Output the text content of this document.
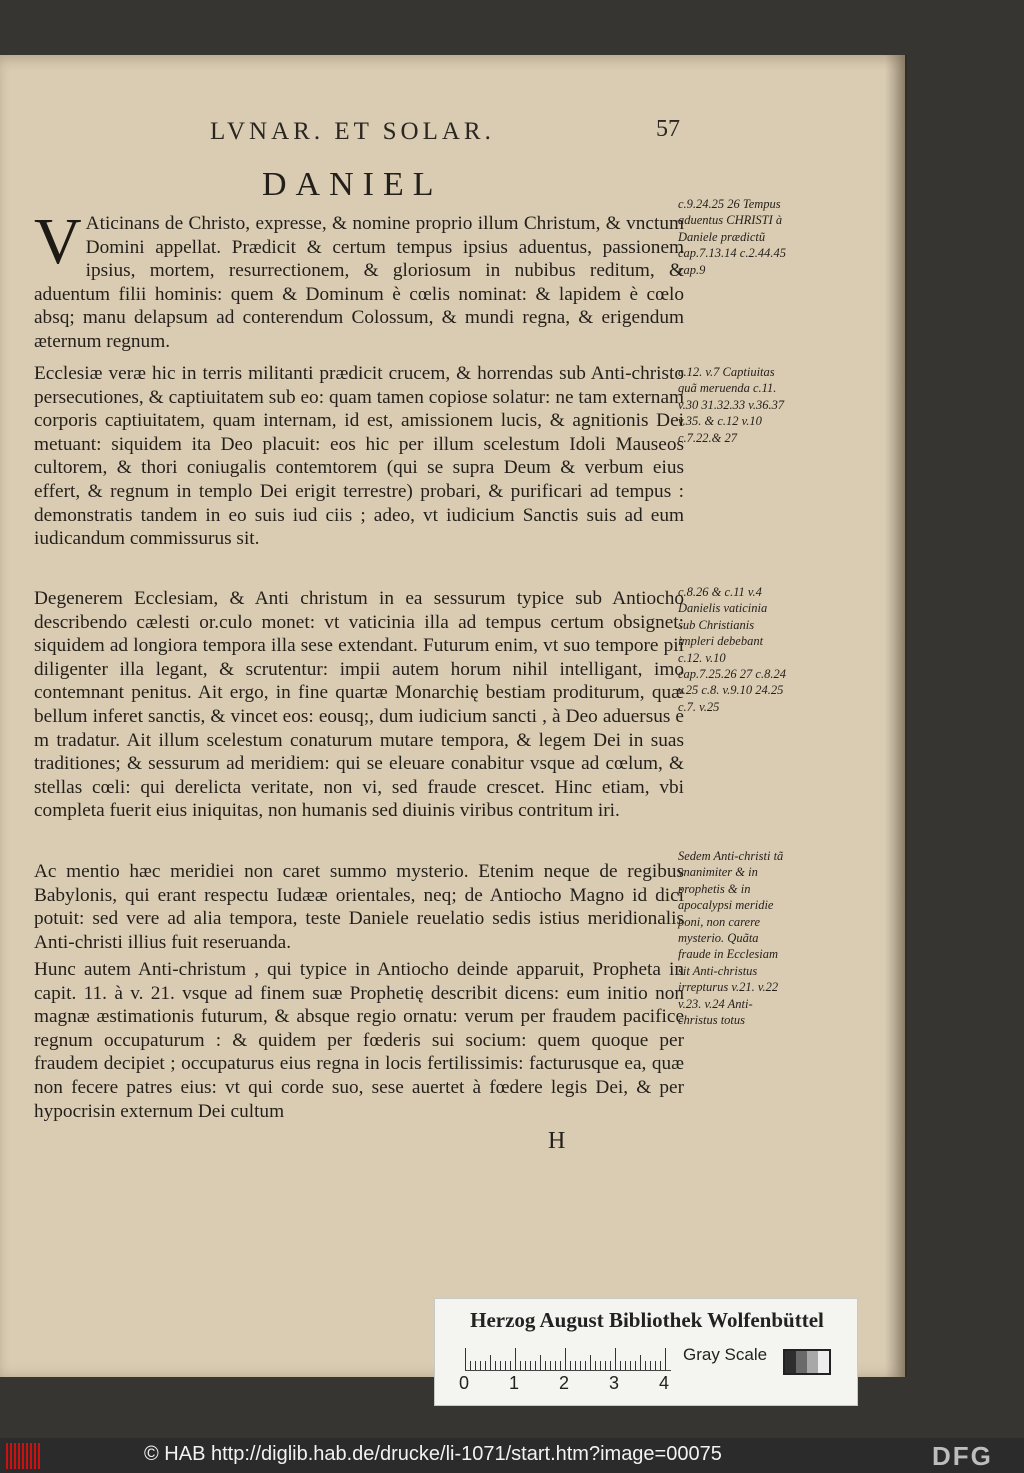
LVNAR. ET SOLAR.	57
DANIEL
V Aticinans de Christo, expresse, & nomine proprio illum Christum, & vnctum Domini appellat. Prædicit & certum tempus ipsius aduentus, passionem ipsius, mortem, resurrectionem, & gloriosum in nubibus reditum, & aduentum filii hominis: quem & Dominum è cœlis nominat: & lapidem è cœlo absq; manu delapsum ad conterendum Colossum, & mundi regna, & erigendum æternum regnum.

Ecclesiæ veræ hic in terris militanti prædicit crucem, & horrendas sub Anti-christo persecutiones, & captiuitatem sub eo: quam tamen copiose solatur: ne tam externam corporis captiuitatem, quam internam, id est, amissionem lucis, & agnitionis Dei metuant: siquidem ita Deo placuit: eos hic per illum scelestum Idoli Mauseos cultorem, & thori coniugalis contemtorem (qui se supra Deum & verbum eius effert, & regnum in templo Dei erigit terrestre) probari, & purificari ad tempus : demonstratis tandem in eo suis iud ciis ; adeo, vt iudicium Sanctis suis ad eum iudicandum commissurus sit.

Degenerem Ecclesiam, & Anti christum in ea sessurum typice sub Antiocho describendo cælesti or.culo monet: vt vaticinia illa ad tempus certum obsignet: siquidem ad longiora tempora illa sese extendant. Futurum enim, vt suo tempore pii diligenter illa legant, & scrutentur: impii autem horum nihil intelligant, imo contemnant penitus. Ait ergo, in fine quartæ Monarchię bestiam proditurum, quæ bellum inferet sanctis, & vincet eos: eousq;, dum iudicium sancti , à Deo aduersus e m tradatur. Ait illum scelestum conaturum mutare tempora, & legem Dei in suas traditiones; & sessurum ad meridiem: qui se eleuare conabitur vsque ad cœlum, & stellas cœli: qui derelicta veritate, non vi, sed fraude crescet. Hinc etiam, vbi completa fuerit eius iniquitas, non humanis sed diuinis viribus contritum iri.

Ac mentio hæc meridiei non caret summo mysterio. Etenim neque de regibus Babylonis, qui erant respectu Iudææ orientales, neq; de Antiocho Magno id dici potuit: sed vere ad alia tempora, teste Daniele reuelatio sedis istius meridionalis Anti-christi illius fuit reseruanda.

Hunc autem Anti-christum , qui typice in Antiocho deinde apparuit, Propheta in capit. 11. à v. 21. vsque ad finem suæ Prophetię describit dicens: eum initio non magnæ æstimationis futurum, & absque regio ornatu: verum per fraudem pacifice regnum occupaturum : & quidem per fœderis sui socium: quem quoque per fraudem decipiet ; occupaturus eius regna in locis fertilissimis: facturusque ea, quæ non fecere patres eius: vt qui corde suo, sese auertet à fœdere legis Dei, & per hypocrisin externum Dei cultum

H
c.9.24.25 26 Tempus aduentus CHRISTI à Daniele prædictũ cap.7.13.14 c.2.44.45 cap.9
c.12. v.7 Captiuitas quã meruenda c.11. v.30 31.32.33 v.36.37 v.35. & c.12 v.10 c.7.22.& 27
c.8.26 & c.11 v.4 Danielis vaticinia sub Christianis impleri debebant c.12. v.10 cap.7.25.26 27 c.8.24 v.25 c.8. v.9.10 24.25 c.7. v.25
Sedem Anti-christi tã vnanimiter & in prophetis & in apocalypsi meridie poni, non carere mysterio. Quãta fraude in Ecclesiam sit Anti-christus irrepturus v.21. v.22 v.23. v.24 Anti-christus totus
Herzog August Bibliothek Wolfenbüttel
0 1 2 3 4
Gray Scale
© HAB http://diglib.hab.de/drucke/li-1071/start.htm?image=00075	DFG
